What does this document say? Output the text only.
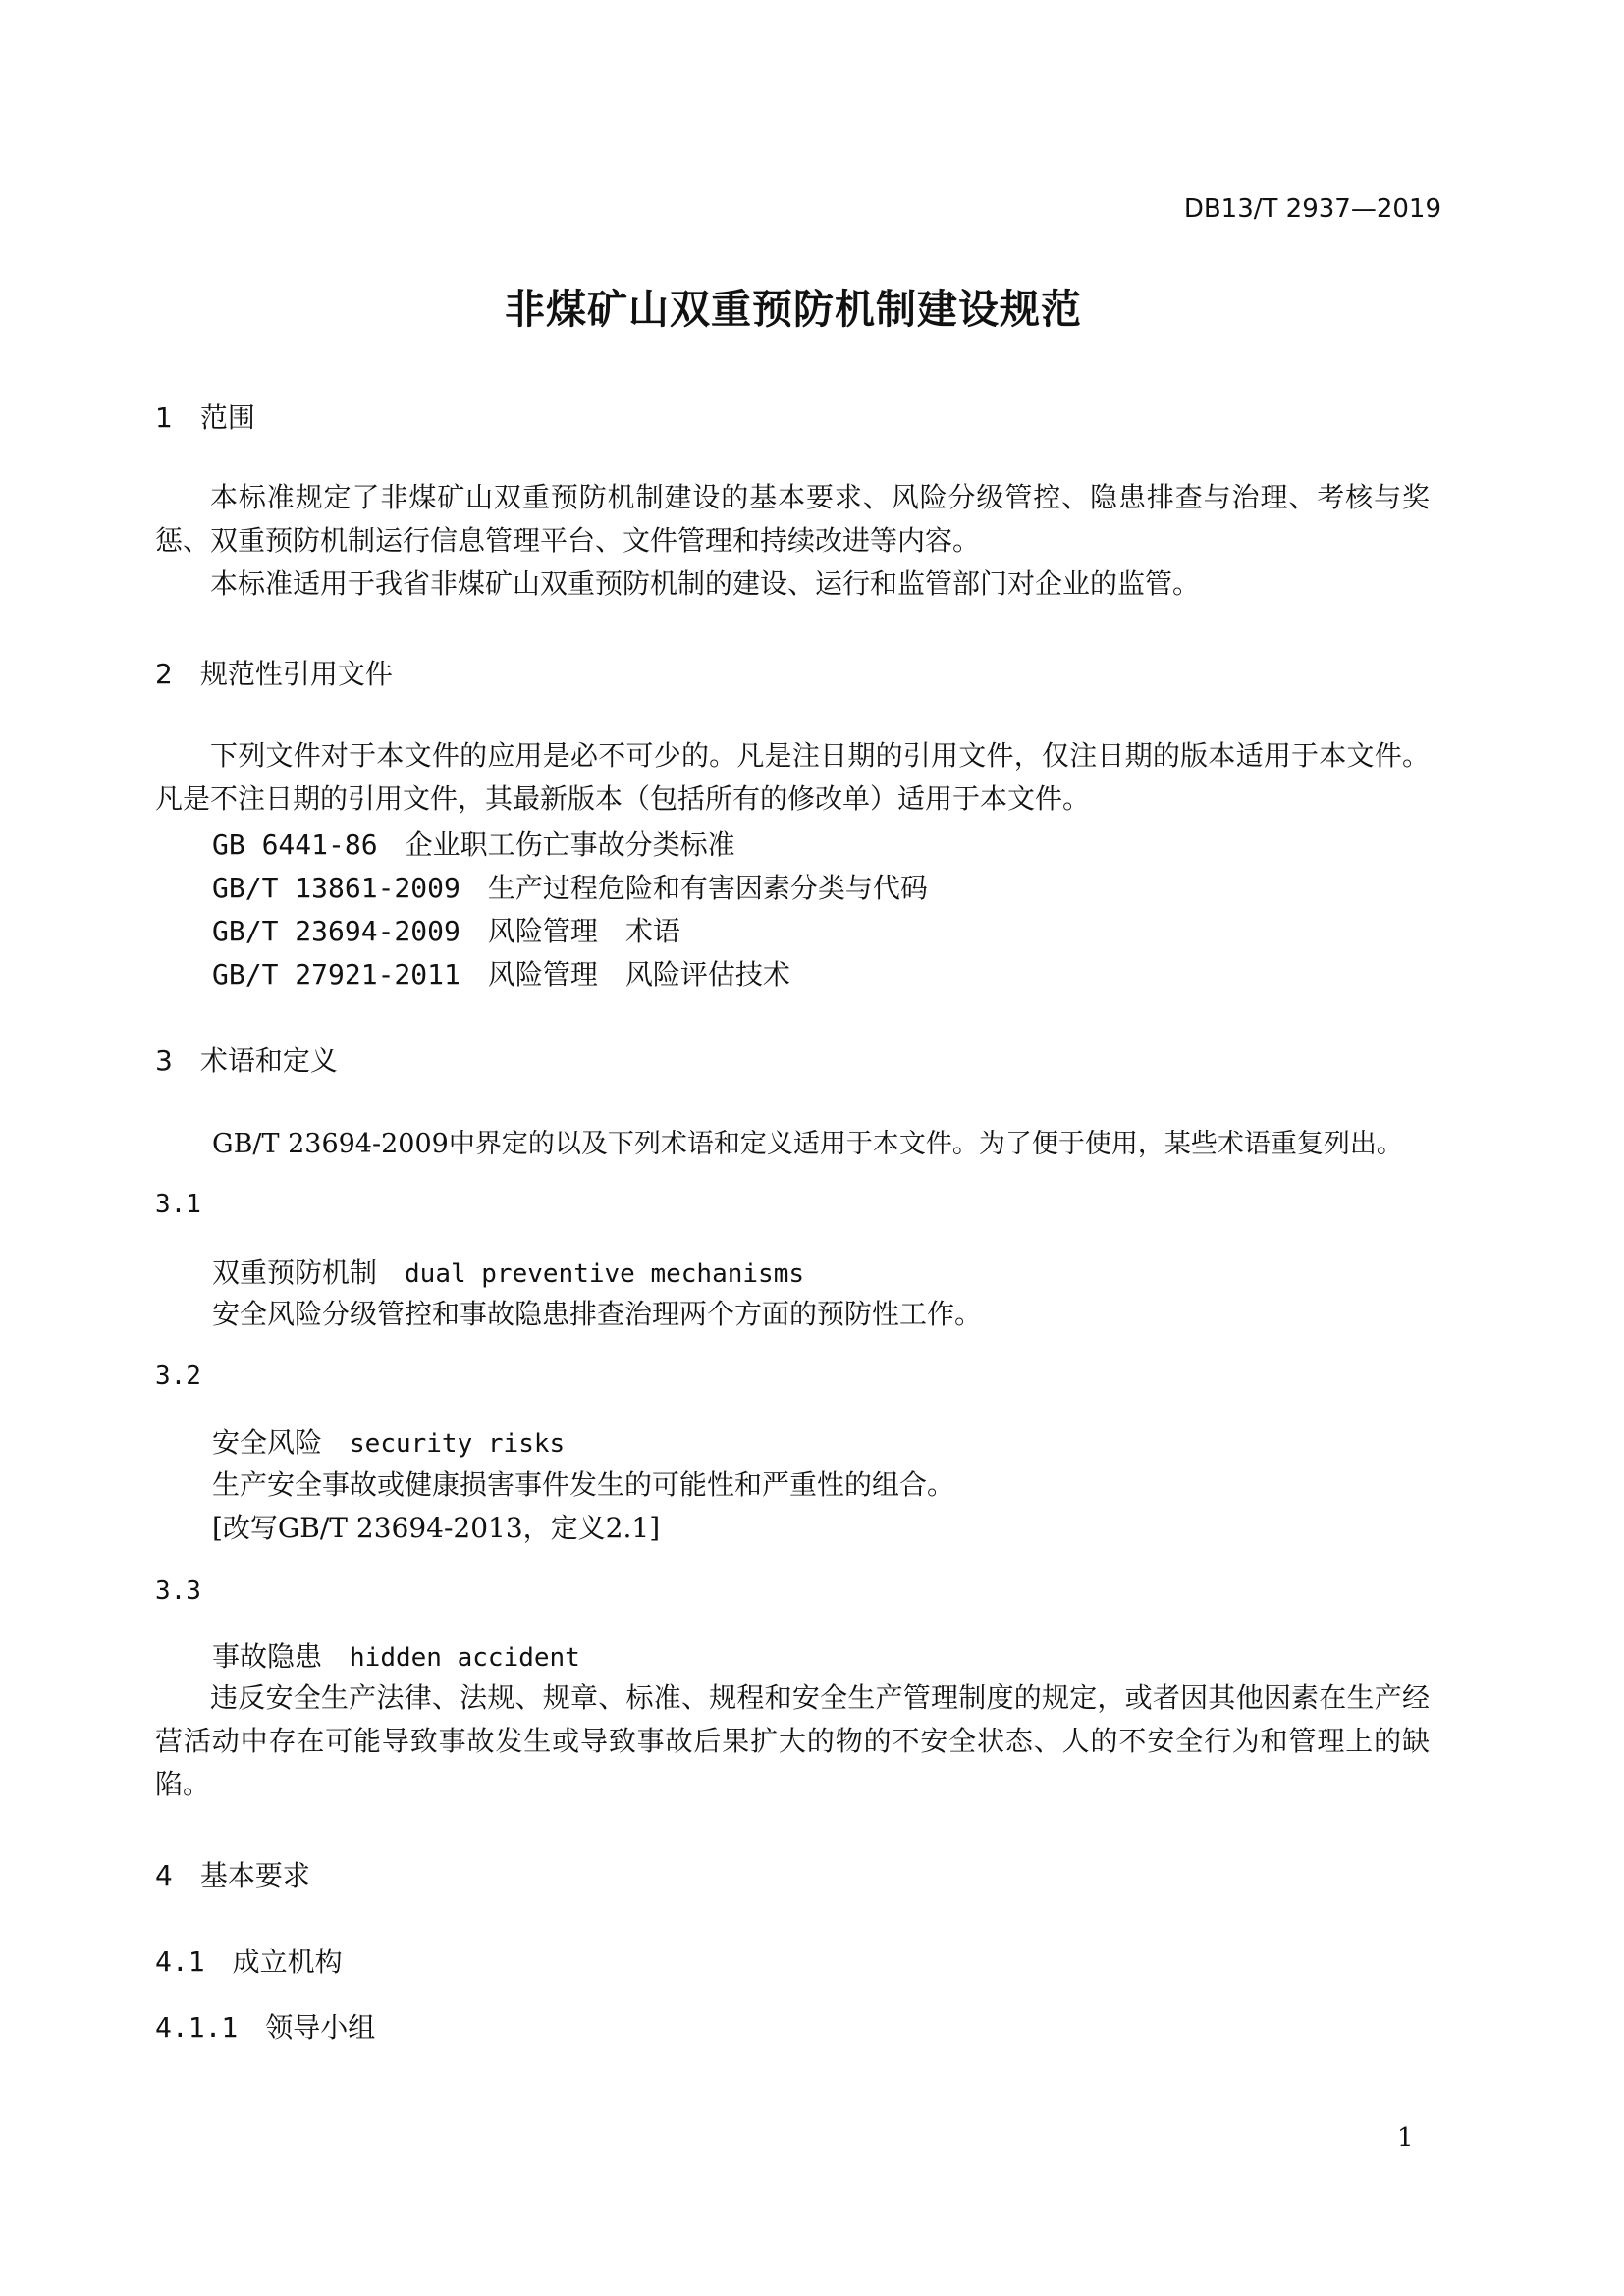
DB13/T 2937—2019
非煤矿山双重预防机制建设规范
1 范围
本标准规定了非煤矿山双重预防机制建设的基本要求、风险分级管控、隐患排查与治理、考核与奖惩、双重预防机制运行信息管理平台、文件管理和持续改进等内容。
本标准适用于我省非煤矿山双重预防机制的建设、运行和监管部门对企业的监管。
2 规范性引用文件
下列文件对于本文件的应用是必不可少的。凡是注日期的引用文件，仅注日期的版本适用于本文件。凡是不注日期的引用文件，其最新版本（包括所有的修改单）适用于本文件。
GB 6441-86 企业职工伤亡事故分类标准
GB/T 13861-2009 生产过程危险和有害因素分类与代码
GB/T 23694-2009 风险管理　术语
GB/T 27921-2011 风险管理　风险评估技术
3 术语和定义
GB/T 23694-2009中界定的以及下列术语和定义适用于本文件。为了便于使用，某些术语重复列出。
3.1
双重预防机制 dual preventive mechanisms
安全风险分级管控和事故隐患排查治理两个方面的预防性工作。
3.2
安全风险 security risks
生产安全事故或健康损害事件发生的可能性和严重性的组合。
[改写GB/T 23694-2013，定义2.1]
3.3
事故隐患 hidden accident
违反安全生产法律、法规、规章、标准、规程和安全生产管理制度的规定，或者因其他因素在生产经营活动中存在可能导致事故发生或导致事故后果扩大的物的不安全状态、人的不安全行为和管理上的缺陷。
4 基本要求
4.1 成立机构
4.1.1 领导小组
1
